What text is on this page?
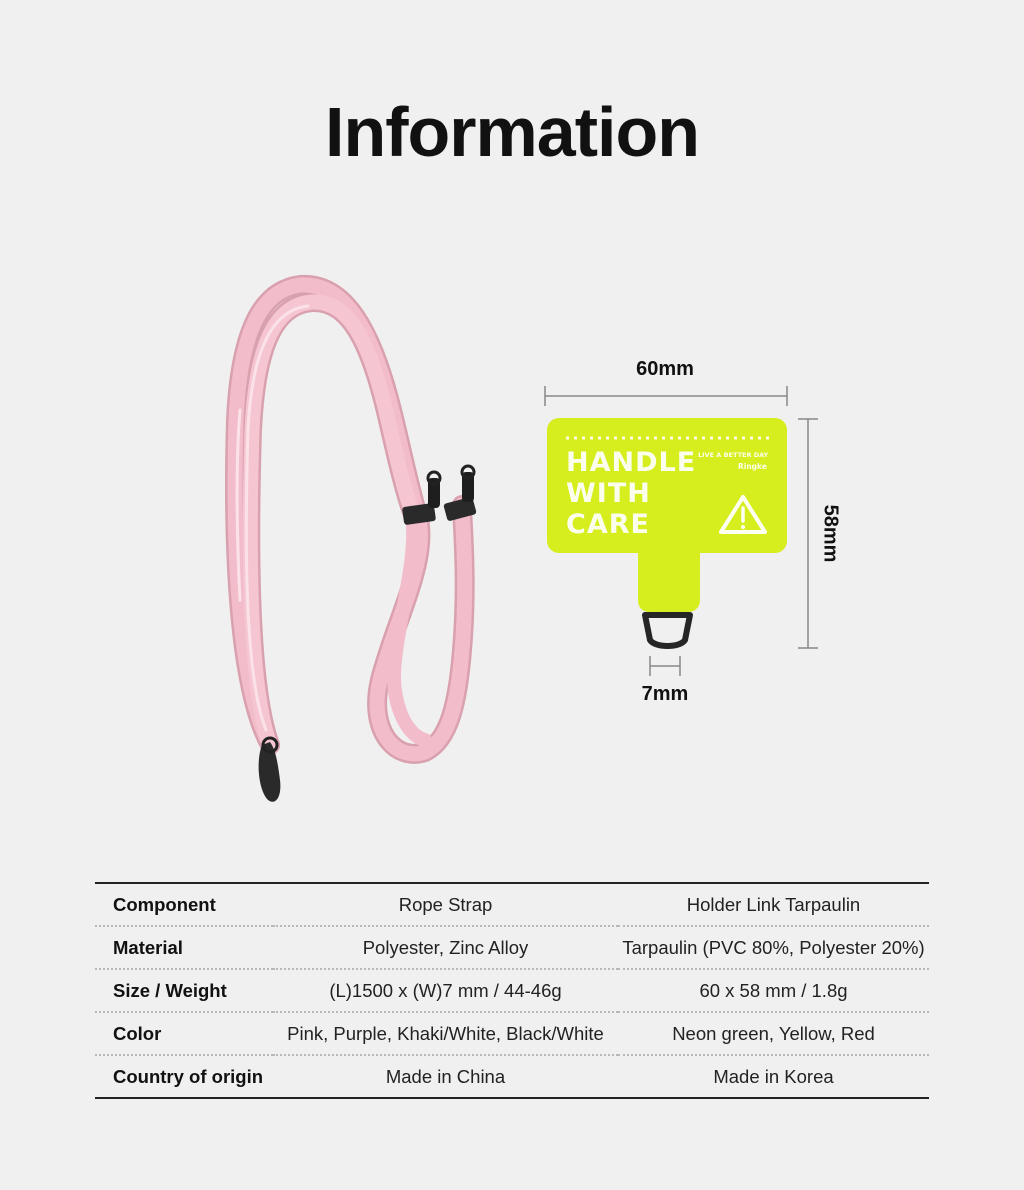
Information
HANDLE
WITH
CARE
LIVE A BETTER DAY
Ringke
60mm
58mm
7mm
Component	Rope Strap	Holder Link Tarpaulin
Material	Polyester, Zinc Alloy	Tarpaulin (PVC 80%, Polyester 20%)
Size / Weight	(L)1500 x (W)7 mm / 44-46g	60 x 58 mm / 1.8g
Color	Pink, Purple, Khaki/White, Black/White	Neon green, Yellow, Red
Country of origin	Made in China	Made in Korea
